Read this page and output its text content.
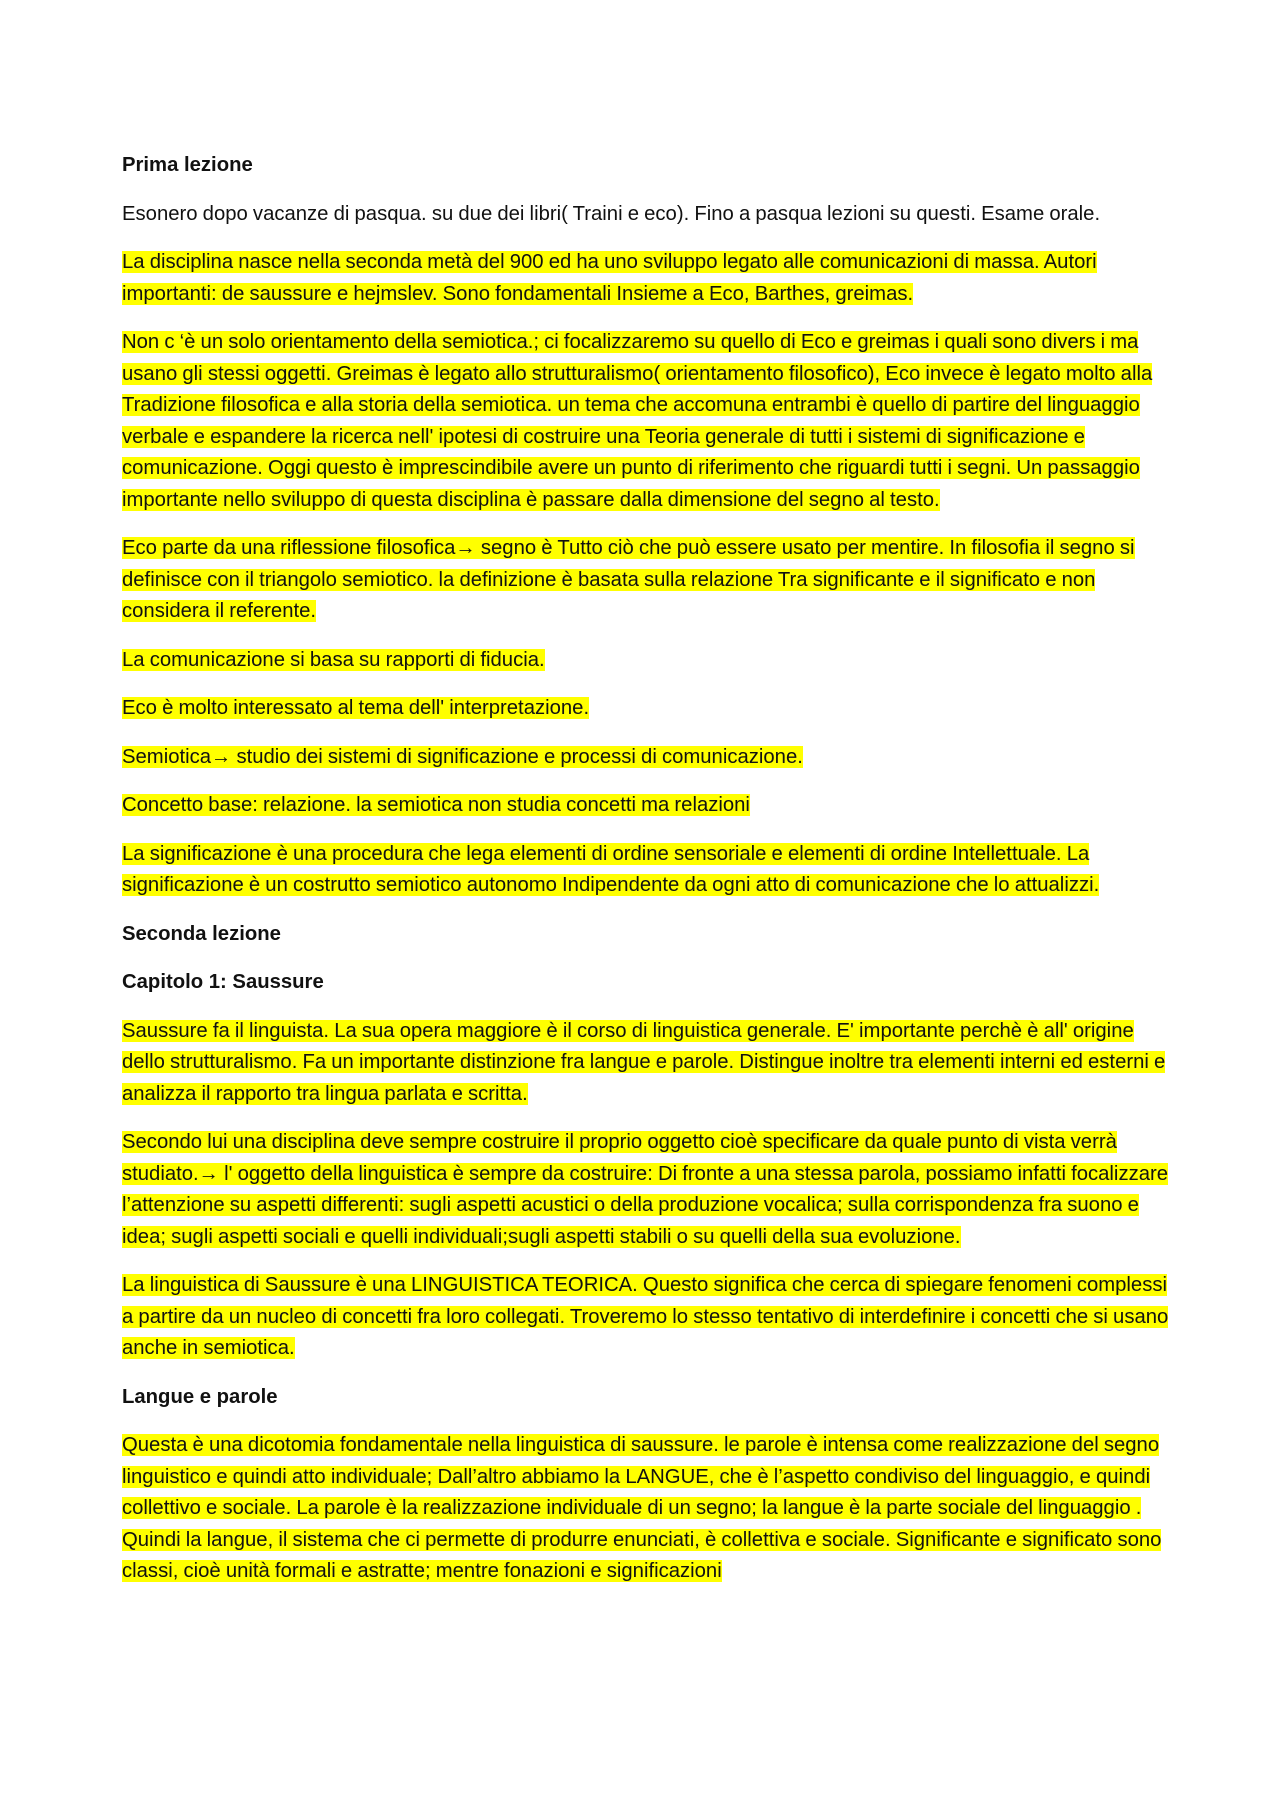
Prima lezione
Esonero dopo vacanze di pasqua. su due dei libri( Traini e eco). Fino a pasqua lezioni su questi. Esame orale.
La disciplina nasce nella seconda metà del 900 ed ha uno sviluppo legato alle comunicazioni di massa. Autori importanti: de saussure e hejmslev. Sono fondamentali Insieme a Eco, Barthes, greimas.
Non c ‘è un solo orientamento della semiotica.; ci focalizzaremo su quello di Eco e greimas i quali sono divers i ma usano gli stessi oggetti. Greimas è legato allo strutturalismo( orientamento filosofico), Eco invece è legato molto alla Tradizione filosofica e alla storia della semiotica. un tema che accomuna entrambi è quello di partire del linguaggio verbale e espandere la ricerca nell' ipotesi di costruire una Teoria generale di tutti i sistemi di significazione e comunicazione. Oggi questo è imprescindibile avere un punto di riferimento che riguardi tutti i segni. Un passaggio importante nello sviluppo di questa disciplina è passare dalla dimensione del segno al testo.
Eco parte da una riflessione filosofica→ segno è Tutto ciò che può essere usato per mentire. In filosofia il segno si definisce con il triangolo semiotico. la definizione è basata sulla relazione Tra significante e il significato e non considera il referente.
La comunicazione si basa su rapporti di fiducia.
Eco è molto interessato al tema dell' interpretazione.
Semiotica→ studio dei sistemi di significazione e processi di comunicazione.
Concetto base: relazione. la semiotica non studia concetti ma relazioni
La significazione è una procedura che lega elementi di ordine sensoriale e elementi di ordine Intellettuale. La significazione è un costrutto semiotico autonomo Indipendente da ogni atto di comunicazione che lo attualizzi.
Seconda lezione
Capitolo 1: Saussure
Saussure fa il linguista. La sua opera maggiore è il corso di linguistica generale. E' importante perchè è all' origine dello strutturalismo. Fa un importante distinzione fra langue e parole. Distingue inoltre tra elementi interni ed esterni e analizza il rapporto tra lingua parlata e scritta.
Secondo lui una disciplina deve sempre costruire il proprio oggetto cioè specificare da quale punto di vista verrà studiato.→ l' oggetto della linguistica è sempre da costruire: Di fronte a una stessa parola, possiamo infatti focalizzare l’attenzione su aspetti differenti: sugli aspetti acustici o della produzione vocalica; sulla corrispondenza fra suono e idea; sugli aspetti sociali e quelli individuali;sugli aspetti stabili o su quelli della sua evoluzione.
La linguistica di Saussure è una LINGUISTICA TEORICA. Questo significa che cerca di spiegare fenomeni complessi a partire da un nucleo di concetti fra loro collegati. Troveremo lo stesso tentativo di interdefinire i concetti che si usano anche in semiotica.
Langue e parole
Questa è una dicotomia fondamentale nella linguistica di saussure. le parole è intensa come realizzazione del segno linguistico e quindi atto individuale; Dall’altro abbiamo la LANGUE, che è l’aspetto condiviso del linguaggio, e quindi collettivo e sociale. La parole è la realizzazione individuale di un segno; la langue è la parte sociale del linguaggio . Quindi la langue, il sistema che ci permette di produrre enunciati, è collettiva e sociale. Significante e significato sono classi, cioè unità formali e astratte; mentre fonazioni e significazioni
